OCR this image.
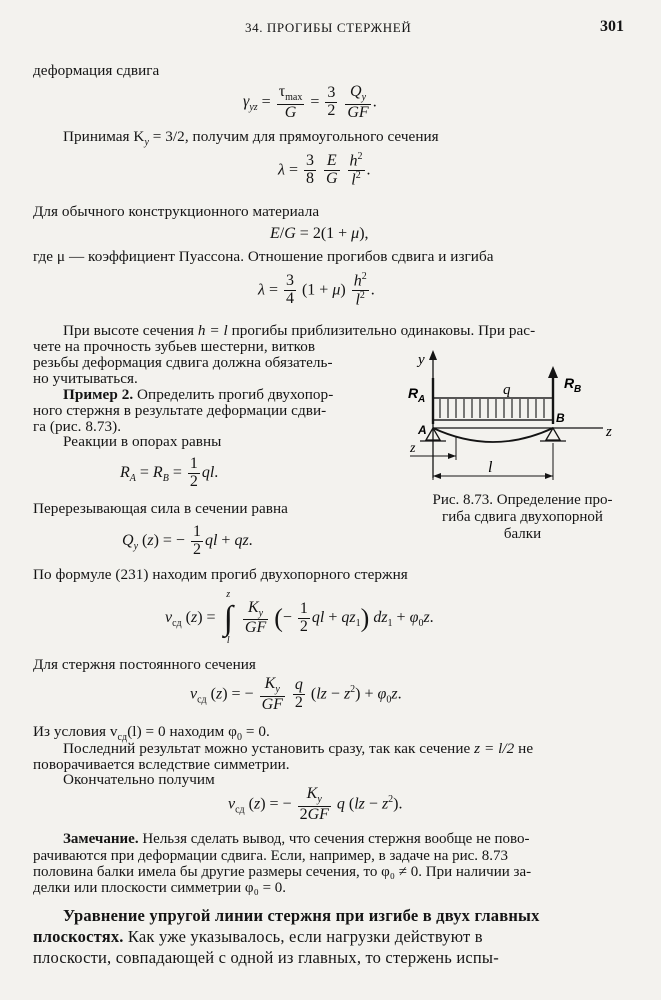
34. ПРОГИБЫ СТЕРЖНЕЙ	301
деформация сдвига
$\gamma_{yz} = \frac{\tau_{max}}{G} = \frac{3}{2}$
$\frac{Q_y}{GF}$ .
Принимая $K_y = 3/2$, получим для прямоугольного сечения
$\lambda = \frac{3}{8}$
$\frac{E}{G}$
$\frac{h^2}{l^2}$ .
Для обычного конструкционного материала
E/G = 2(1 + μ),
где μ — коэффициент Пуассона. Отношение прогибов сдвига и изгиба
$\lambda = \frac{3}{4} (1 + \mu) \frac{h^2}{l^2}$ .
При высоте сечения h = l прогибы приблизительно одинаковы. При рас-
чете на прочность зубьев шестерни, витков
резьбы деформация сдвига должна обязатель-
но учитываться.
Пример 2. Определить прогиб двухопор-
ного стержня в результате деформации сдви-
га (рис. 8.73).
Реакции в опорах равны
$R_A = R_B = \frac{1}{2}$ ql.
Перерезывающая сила в сечении равна
$Q_y$ (z) = − $\frac{1}{2}$ ql + qz.
y
R A
R B
q
A
B
z
z
l
Рис. 8.73. Определение про-
гиба сдвига двухопорной
балки
По формуле (231) находим прогиб двухопорного стержня
$v_{сд}$ (z) =
z
∫
l

$\frac{K_y}{GF}$ (− $\frac{1}{2}$ ql + $qz_1$) $dz_1 + \varphi_0z$.
Для стержня постоянного сечения
$v_{сд}$ (z) = − $\frac{K_y}{GF}$
$\frac{q}{2} (lz - z^2) + \varphi_0z$.
Из условия $v_{сд}(l) = 0$ находим $\varphi_0 = 0$.
Последний результат можно установить сразу, так как сечение z = l/2 не
поворачивается вследствие симметрии.
Окончательно получим
$v_{сд}$ (z) = − $\frac{K_y}{2GF}$ q $(lz - z^2)$.
Замечание. Нельзя сделать вывод, что сечения стержня вообще не пово-
рачиваются при деформации сдвига. Если, например, в задаче на рис. 8.73
половина балки имела бы другие размеры сечения, то φ₀ ≠ 0. При наличии за-
делки или плоскости симметрии φ₀ = 0.
Уравнение упругой линии стержня при изгибе в двух главных
плоскостях. Как уже указывалось, если нагрузки действуют в
плоскости, совпадающей с одной из главных, то стержень испы-
